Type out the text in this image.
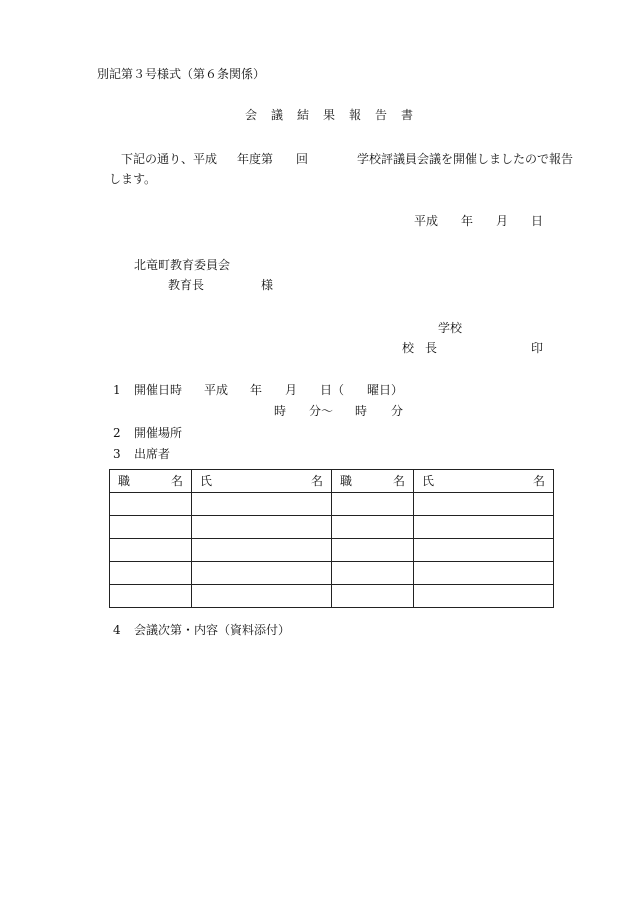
別記第３号様式（第６条関係）
会 議 結 果 報 告 書
下記の通り、平成 年度第 回	学校評議員会議を開催しましたので報告
します。
平成 年 月 日
北竜町教育委員会
教育長	様
学校
校 長	印
1 開催日時 平成 年 月 日（ 曜日）
時 分〜 時 分
2 開催場所
3 出席者
職 名	氏 名	職 名	氏 名

4 会議次第・内容（資料添付）
